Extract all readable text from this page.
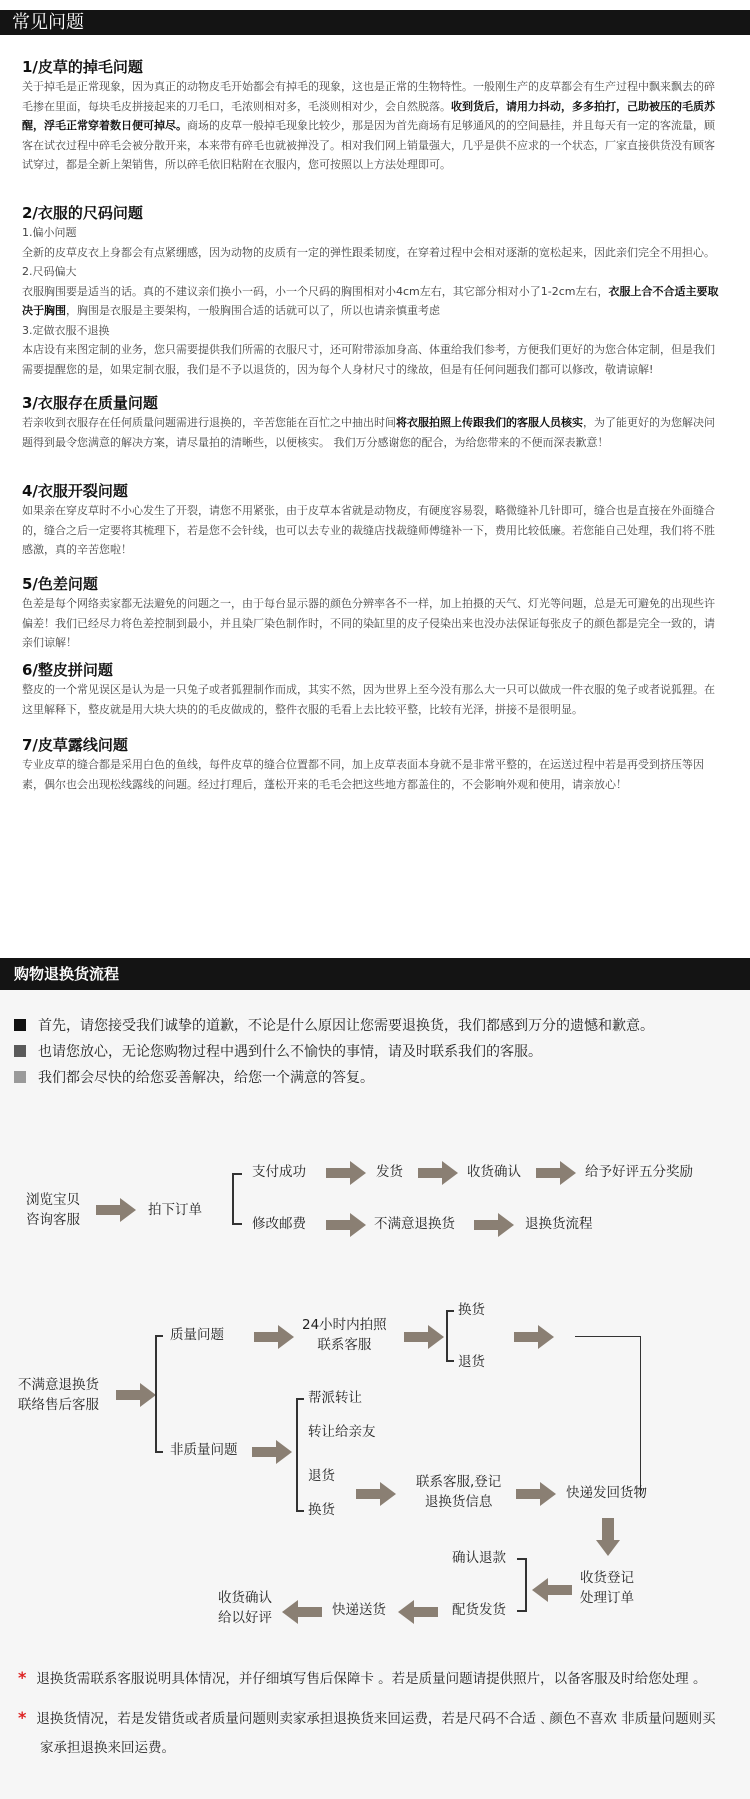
常见问题
1/皮草的掉毛问题

关于掉毛是正常现象，因为真正的动物皮毛开始都会有掉毛的现象，这也是正常的生物特性。一般刚生产的皮草都会有生产过程中飘来飘去的碎毛掺在里面，每块毛皮拼接起来的刀毛口，毛浓则相对多，毛淡则相对少，会自然脱落。收到货后，请用力抖动，多多拍打，己助被压的毛质苏醒，浮毛正常穿着数日便可掉尽。商场的皮草一般掉毛现象比较少，那是因为首先商场有足够通风的的空间悬挂，并且每天有一定的客流量，顾客在试衣过程中碎毛会被分散开来，本来带有碎毛也就被掸没了。相对我们网上销量强大，几乎是供不应求的一个状态，厂家直接供货没有顾客试穿过，都是全新上架销售，所以碎毛依旧粘附在衣服内，您可按照以上方法处理即可。

2/衣服的尺码问题

1.偏小问题

全新的皮草皮衣上身都会有点紧绷感，因为动物的皮质有一定的弹性跟柔韧度，在穿着过程中会相对逐渐的宽松起来，因此亲们完全不用担心。

2.尺码偏大

衣服胸围要是适当的话。真的不建议亲们换小一码，小一个尺码的胸围相对小4cm左右，其它部分相对小了1-2cm左右，衣服上合不合适主要取决于胸围，胸围是衣服是主要架构，一般胸围合适的话就可以了，所以也请亲慎重考虑

3.定做衣服不退换

本店设有来图定制的业务，您只需要提供我们所需的衣服尺寸，还可附带添加身高、体重给我们参考，方便我们更好的为您合体定制，但是我们需要提醒您的是，如果定制衣服，我们是不予以退货的，因为每个人身材尺寸的缘故，但是有任何问题我们都可以修改，敬请谅解!

3/衣服存在质量问题

若亲收到衣服存在任何质量问题需进行退换的，辛苦您能在百忙之中抽出时间将衣服拍照上传跟我们的客服人员核实，为了能更好的为您解决问题得到最令您满意的解决方案，请尽量拍的清晰些，以便核实。 我们万分感谢您的配合，为给您带来的不便而深表歉意！

4/衣服开裂问题

如果亲在穿皮草时不小心发生了开裂，请您不用紧张，由于皮草本省就是动物皮，有硬度容易裂，略微缝补几针即可，缝合也是直接在外面缝合的，缝合之后一定要将其梳理下，若是您不会针线，也可以去专业的裁缝店找裁缝师傅缝补一下，费用比较低廉。若您能自己处理，我们将不胜感激，真的辛苦您啦！

5/色差问题

色差是每个网络卖家都无法避免的问题之一，由于每台显示器的颜色分辨率各不一样，加上拍摄的天气、灯光等问题，总是无可避免的出现些许偏差！我们已经尽力将色差控制到最小，并且染厂染色制作时，不同的染缸里的皮子侵染出来也没办法保证每张皮子的颜色都是完全一致的，请亲们谅解！

6/整皮拼问题

整皮的一个常见误区是认为是一只兔子或者狐狸制作而成，其实不然，因为世界上至今没有那么大一只可以做成一件衣服的兔子或者说狐狸。在这里解释下，整皮就是用大块大块的的毛皮做成的，整件衣服的毛看上去比较平整，比较有光泽，拼接不是很明显。

7/皮草露线问题

专业皮草的缝合都是采用白色的鱼线，每件皮草的缝合位置都不同，加上皮草表面本身就不是非常平整的，在运送过程中若是再受到挤压等因素，偶尔也会出现松线露线的问题。经过打理后，蓬松开来的毛毛会把这些地方都盖住的，不会影响外观和使用，请亲放心！

购物退换货流程
首先，请您接受我们诚挚的道歉，不论是什么原因让您需要退换货，我们都感到万分的遗憾和歉意。
也请您放心，无论您购物过程中遇到什么不愉快的事情，请及时联系我们的客服。
我们都会尽快的给您妥善解决，给您一个满意的答复。
浏览宝贝
咨询客服
拍下订单
支付成功	发货	收货确认	给予好评五分奖励
修改邮费	不满意退换货	退换货流程
不满意退换货
联络售后客服
质量问题
24小时内拍照
联系客服
换货
退货
非质量问题
帮派转让
转让给亲友
退货
换货
联系客服,登记
退换货信息
快递发回货物
收货登记
处理订单
确认退款
配货发货
快递送货
收货确认
给以好评
* 退换货需联系客服说明具体情况，并仔细填写售后保障卡 。若是质量问题请提供照片，以备客服及时给您处理 。
* 退换货情况，若是发错货或者质量问题则卖家承担退换货来回运费，若是尺码不合适﹑颜色不喜欢 非质量问题则买家承担退换来回运费。
